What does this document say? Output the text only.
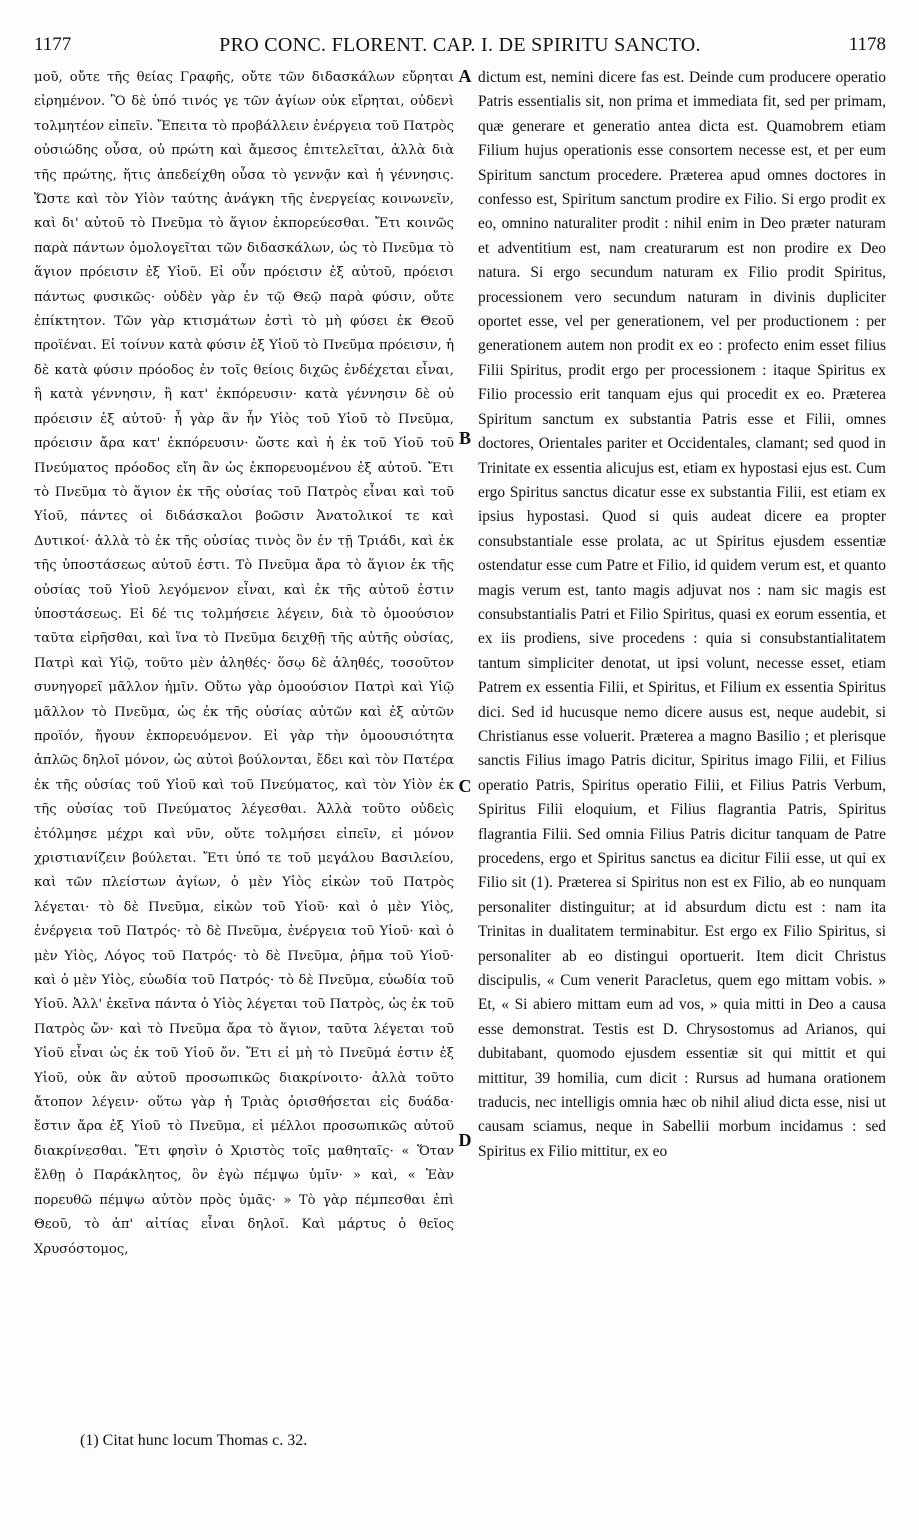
1177	PRO CONC. FLORENT. CAP. I. DE SPIRITU SANCTO.	1178

μοῦ, οὔτε τῆς θείας Γραφῆς, οὔτε τῶν διδασκάλων εὕρηται εἰρημένον. Ὃ δὲ ὑπό τινός γε τῶν ἁγίων οὐκ εἴρηται, οὐδενὶ τολμητέον εἰπεῖν. Ἔπειτα τὸ προβάλλειν ἐνέργεια τοῦ Πατρὸς οὐσιώδης οὖσα, οὐ πρώτη καὶ ἄμεσος ἐπιτελεῖται, ἀλλὰ διὰ τῆς πρώτης, ἥτις ἀπεδείχθη οὖσα τὸ γεννᾷν καὶ ἡ γέννησις. Ὥστε καὶ τὸν Υἱὸν ταύτης ἀνάγκη τῆς ἐνεργείας κοινωνεῖν, καὶ δι' αὐτοῦ τὸ Πνεῦμα τὸ ἅγιον ἐκπορεύεσθαι. Ἔτι κοινῶς παρὰ πάντων ὁμολογεῖται τῶν διδασκάλων, ὡς τὸ Πνεῦμα τὸ ἅγιον πρόεισιν ἐξ Υἱοῦ. Εἰ οὖν πρόεισιν ἐξ αὐτοῦ, πρόεισι πάντως φυσικῶς· οὐδὲν γὰρ ἐν τῷ Θεῷ παρὰ φύσιν, οὔτε ἐπίκτητον. Τῶν γὰρ κτισμάτων ἐστὶ τὸ μὴ φύσει ἐκ Θεοῦ προϊέναι. Εἰ τοίνυν κατὰ φύσιν ἐξ Υἱοῦ τὸ Πνεῦμα πρόεισιν, ἡ δὲ κατὰ φύσιν πρόοδος ἐν τοῖς θείοις διχῶς ἐνδέχεται εἶναι, ἢ κατὰ γέννησιν, ἢ κατ' ἐκπόρευσιν· κατὰ γέννησιν δὲ οὐ πρόεισιν ἐξ αὐτοῦ· ἦ γὰρ ἂν ἦν Υἱὸς τοῦ Υἱοῦ τὸ Πνεῦμα, πρόεισιν ἄρα κατ' ἐκπόρευσιν· ὥστε καὶ ἡ ἐκ τοῦ Υἱοῦ τοῦ Πνεύματος πρόοδος εἴη ἂν ὡς ἐκπορευομένου ἐξ αὐτοῦ. Ἔτι τὸ Πνεῦμα τὸ ἅγιον ἐκ τῆς οὐσίας τοῦ Πατρὸς εἶναι καὶ τοῦ Υἱοῦ, πάντες οἱ διδάσκαλοι βοῶσιν Ἀνατολικοί τε καὶ Δυτικοί· ἀλλὰ τὸ ἐκ τῆς οὐσίας τινὸς ὂν ἐν τῇ Τριάδι, καὶ ἐκ τῆς ὑποστάσεως αὐτοῦ ἐστι. Τὸ Πνεῦμα ἄρα τὸ ἅγιον ἐκ τῆς οὐσίας τοῦ Υἱοῦ λεγόμενον εἶναι, καὶ ἐκ τῆς αὐτοῦ ἐστιν ὑποστάσεως. Εἰ δέ τις τολμήσειε λέγειν, διὰ τὸ ὁμοούσιον ταῦτα εἰρῆσθαι, καὶ ἵνα τὸ Πνεῦμα δειχθῇ τῆς αὐτῆς οὐσίας, Πατρὶ καὶ Υἱῷ, τοῦτο μὲν ἀληθές· ὅσῳ δὲ ἀληθές, τοσοῦτον συνηγορεῖ μᾶλλον ἡμῖν. Οὕτω γὰρ ὁμοούσιον Πατρὶ καὶ Υἱῷ μᾶλλον τὸ Πνεῦμα, ὡς ἐκ τῆς οὐσίας αὐτῶν καὶ ἐξ αὐτῶν προϊόν, ἤγουν ἐκπορευόμενον. Εἰ γὰρ τὴν ὁμοουσιότητα ἁπλῶς δηλοῖ μόνον, ὡς αὐτοὶ βούλονται, ἔδει καὶ τὸν Πατέρα ἐκ τῆς οὐσίας τοῦ Υἱοῦ καὶ τοῦ Πνεύματος, καὶ τὸν Υἱὸν ἐκ τῆς οὐσίας τοῦ Πνεύματος λέγεσθαι. Ἀλλὰ τοῦτο οὐδεὶς ἐτόλμησε μέχρι καὶ νῦν, οὔτε τολμήσει εἰπεῖν, εἰ μόνον χριστιανίζειν βούλεται. Ἔτι ὑπό τε τοῦ μεγάλου Βασιλείου, καὶ τῶν πλείστων ἁγίων, ὁ μὲν Υἱὸς εἰκὼν τοῦ Πατρὸς λέγεται· τὸ δὲ Πνεῦμα, εἰκὼν τοῦ Υἱοῦ· καὶ ὁ μὲν Υἱὸς, ἐνέργεια τοῦ Πατρός· τὸ δὲ Πνεῦμα, ἐνέργεια τοῦ Υἱοῦ· καὶ ὁ μὲν Υἱὸς, Λόγος τοῦ Πατρός· τὸ δὲ Πνεῦμα, ῥῆμα τοῦ Υἱοῦ· καὶ ὁ μὲν Υἱὸς, εὐωδία τοῦ Πατρός· τὸ δὲ Πνεῦμα, εὐωδία τοῦ Υἱοῦ. Ἀλλ' ἐκεῖνα πάντα ὁ Υἱὸς λέγεται τοῦ Πατρὸς, ὡς ἐκ τοῦ Πατρὸς ὤν· καὶ τὸ Πνεῦμα ἄρα τὸ ἅγιον, ταῦτα λέγεται τοῦ Υἱοῦ εἶναι ὡς ἐκ τοῦ Υἱοῦ ὄν. Ἔτι εἰ μὴ τὸ Πνεῦμά ἐστιν ἐξ Υἱοῦ, οὐκ ἂν αὐτοῦ προσωπικῶς διακρίνοιτο· ἀλλὰ τοῦτο ἄτοπον λέγειν· οὕτω γὰρ ἡ Τριὰς ὁρισθήσεται εἰς δυάδα· ἔστιν ἄρα ἐξ Υἱοῦ τὸ Πνεῦμα, εἰ μέλλοι προσωπικῶς αὐτοῦ διακρίνεσθαι. Ἔτι φησὶν ὁ Χριστὸς τοῖς μαθηταῖς· « Ὅταν ἔλθῃ ὁ Παράκλητος, ὃν ἐγὼ πέμψω ὑμῖν· » καὶ, « Ἐὰν πορευθῶ πέμψω αὐτὸν πρὸς ὑμᾶς· » Τὸ γὰρ πέμπεσθαι ἐπὶ Θεοῦ, τὸ ἀπ' αἰτίας εἶναι δηλοῖ. Καὶ μάρτυς ὁ θεῖος Χρυσόστομος,

A
B
C
D

dictum est, nemini dicere fas est. Deinde cum producere operatio Patris essentialis sit, non prima et immediata fit, sed per primam, quæ generare et generatio antea dicta est. Quamobrem etiam Filium hujus operationis esse consortem necesse est, et per eum Spiritum sanctum procedere. Præterea apud omnes doctores in confesso est, Spiritum sanctum prodire ex Filio. Si ergo prodit ex eo, omnino naturaliter prodit : nihil enim in Deo præter naturam et adventitium est, nam creaturarum est non prodire ex Deo natura. Si ergo secundum naturam ex Filio prodit Spiritus, processionem vero secundum naturam in divinis dupliciter oportet esse, vel per generationem, vel per productionem : per generationem autem non prodit ex eo : profecto enim esset filius Filii Spiritus, prodit ergo per processionem : itaque Spiritus ex Filio processio erit tanquam ejus qui procedit ex eo. Præterea Spiritum sanctum ex substantia Patris esse et Filii, omnes doctores, Orientales pariter et Occidentales, clamant; sed quod in Trinitate ex essentia alicujus est, etiam ex hypostasi ejus est. Cum ergo Spiritus sanctus dicatur esse ex substantia Filii, est etiam ex ipsius hypostasi. Quod si quis audeat dicere ea propter consubstantiale esse prolata, ac ut Spiritus ejusdem essentiæ ostendatur esse cum Patre et Filio, id quidem verum est, et quanto magis verum est, tanto magis adjuvat nos : nam sic magis est consubstantialis Patri et Filio Spiritus, quasi ex eorum essentia, et ex iis prodiens, sive procedens : quia si consubstantialitatem tantum simpliciter denotat, ut ipsi volunt, necesse esset, etiam Patrem ex essentia Filii, et Spiritus, et Filium ex essentia Spiritus dici. Sed id hucusque nemo dicere ausus est, neque audebit, si Christianus esse voluerit. Præterea a magno Basilio ; et plerisque sanctis Filius imago Patris dicitur, Spiritus imago Filii, et Filius operatio Patris, Spiritus operatio Filii, et Filius Patris Verbum, Spiritus Filii eloquium, et Filius flagrantia Patris, Spiritus flagrantia Filii. Sed omnia Filius Patris dicitur tanquam de Patre procedens, ergo et Spiritus sanctus ea dicitur Filii esse, ut qui ex Filio sit (1). Præterea si Spiritus non est ex Filio, ab eo nunquam personaliter distinguitur; at id absurdum dictu est : nam ita Trinitas in dualitatem terminabitur. Est ergo ex Filio Spiritus, si personaliter ab eo distingui oportuerit. Item dicit Christus discipulis, « Cum venerit Paracletus, quem ego mittam vobis. » Et, « Si abiero mittam eum ad vos, » quia mitti in Deo a causa esse demonstrat. Testis est D. Chrysostomus ad Arianos, qui dubitabant, quomodo ejusdem essentiæ sit qui mittit et qui mittitur, 39 homilia, cum dicit : Rursus ad humana orationem traducis, nec intelligis omnia hæc ob nihil aliud dicta esse, nisi ut causam sciamus, neque in Sabellii morbum incidamus : sed Spiritus ex Filio mittitur, ex eo

(1) Citat hunc locum Thomas c. 32.
